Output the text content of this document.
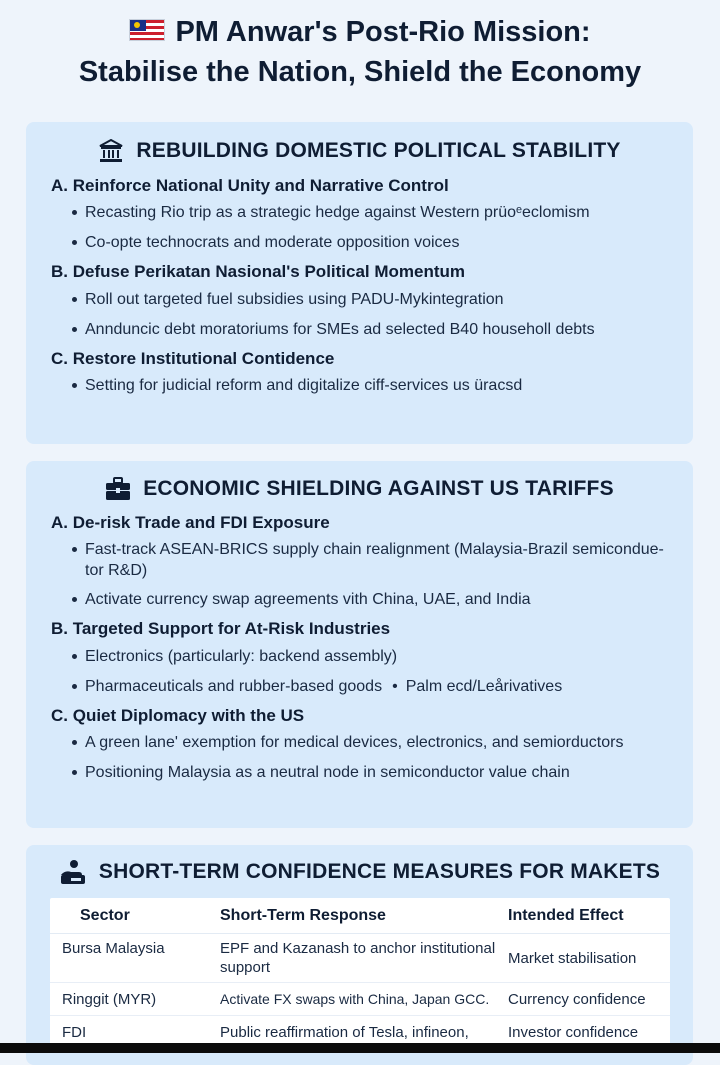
PM Anwar's Post-Rio Mission:
Stabilise the Nation, Shield the Economy
REBUILDING DOMESTIC POLITICAL STABILITY
A. Reinforce National Unity and Narrative Control
Recasting Rio trip as a strategic hedge against Western prüoᵉeclomism
Co-opte technocrats and moderate opposition voices
B. Defuse Perikatan Nasional's Political Momentum
Roll out targeted fuel subsidies using PADU-Mykintegration
Anndunciс debt moratoriums for SMEs ad selected B40 householl debts
C. Restore Institutional Contidence
Setting for judicial reform and digitalize ciff-services us üracsd
ECONOMIC SHIELDING AGAINST US TARIFFS
A. De-risk Trade and FDI Exposure
Fast-track ASEAN-BRICS supply chain realignment (Malaysia-Brazil semiconduе-tor R&D)
Activate currency swap agreements vith China, UAE, and India
B. Targeted Support for At-Risk Industries
Electronics (particularly: backend assembly)
Pharmaceuticals and rubber-based goods• Palm ecd/Leårivatives
C. Quiet Diplomacy with the US
A green lane' exemption for medical devices, electronics, and semiorductors
Positioning Malaysia as a neutral node in semiconductor value chain
SHORT-TERM CONFIDENCE MEASURES FOR MAKETS
Sector	Short-Term Response	Intended Effect
Bursa Malaysia	EPF and Kazanash to anchor institutional support
Market stabilisation
Ringgit (MYR)	Activate FX swaps with China, Japan GCC.	Currency confidence
FDI	Public reaffirmation of Tesla, infineon,	Investor confidence
